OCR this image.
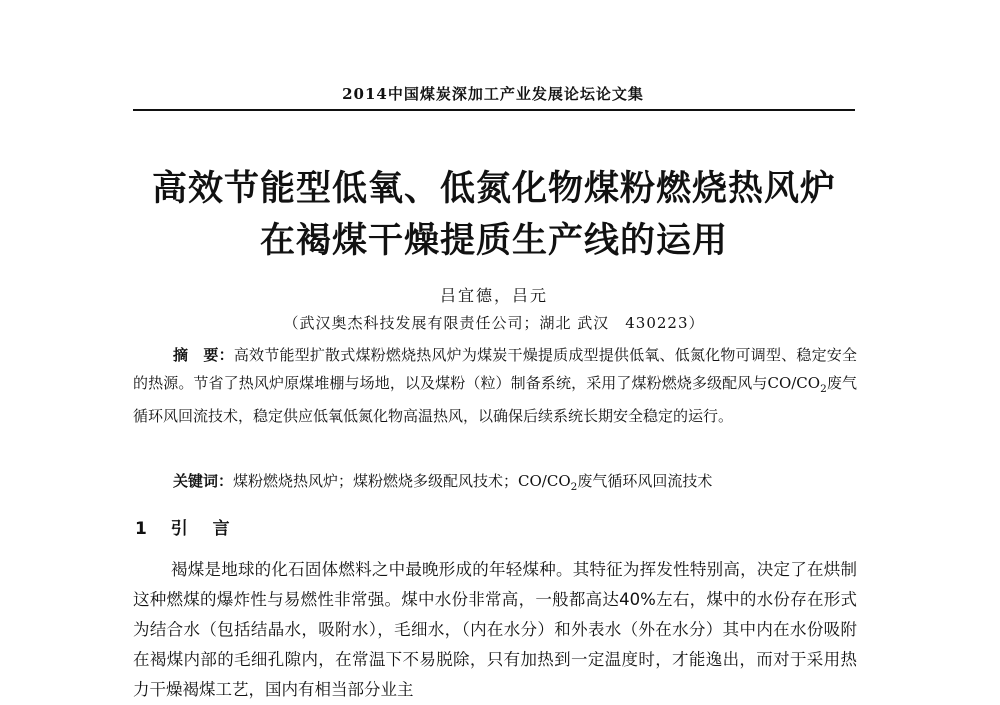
2014中国煤炭深加工产业发展论坛论文集
高效节能型低氧、低氮化物煤粉燃烧热风炉
在褐煤干燥提质生产线的运用
吕宜德，吕元
（武汉奥杰科技发展有限责任公司；湖北 武汉　430223）

摘　要：高效节能型扩散式煤粉燃烧热风炉为煤炭干燥提质成型提供低氧、低氮化物可调型、稳定安全的热源。节省了热风炉原煤堆棚与场地，以及煤粉（粒）制备系统，采用了煤粉燃烧多级配风与$CO/CO_2$废气循环风回流技术，稳定供应低氧低氮化物高温热风，以确保后续系统长期安全稳定的运行。

关键词：煤粉燃烧热风炉；煤粉燃烧多级配风技术；$CO/CO_2$废气循环风回流技术

1 引　言

褐煤是地球的化石固体燃料之中最晚形成的年轻煤种。其特征为挥发性特别高，决定了在烘制这种燃煤的爆炸性与易燃性非常强。煤中水份非常高，一般都高达40%左右，煤中的水份存在形式为结合水（包括结晶水，吸附水），毛细水，（内在水分）和外表水（外在水分）其中内在水份吸附在褐煤内部的毛细孔隙内，在常温下不易脱除，只有加热到一定温度时，才能逸出，而对于采用热力干燥褐煤工艺，国内有相当部分业主
